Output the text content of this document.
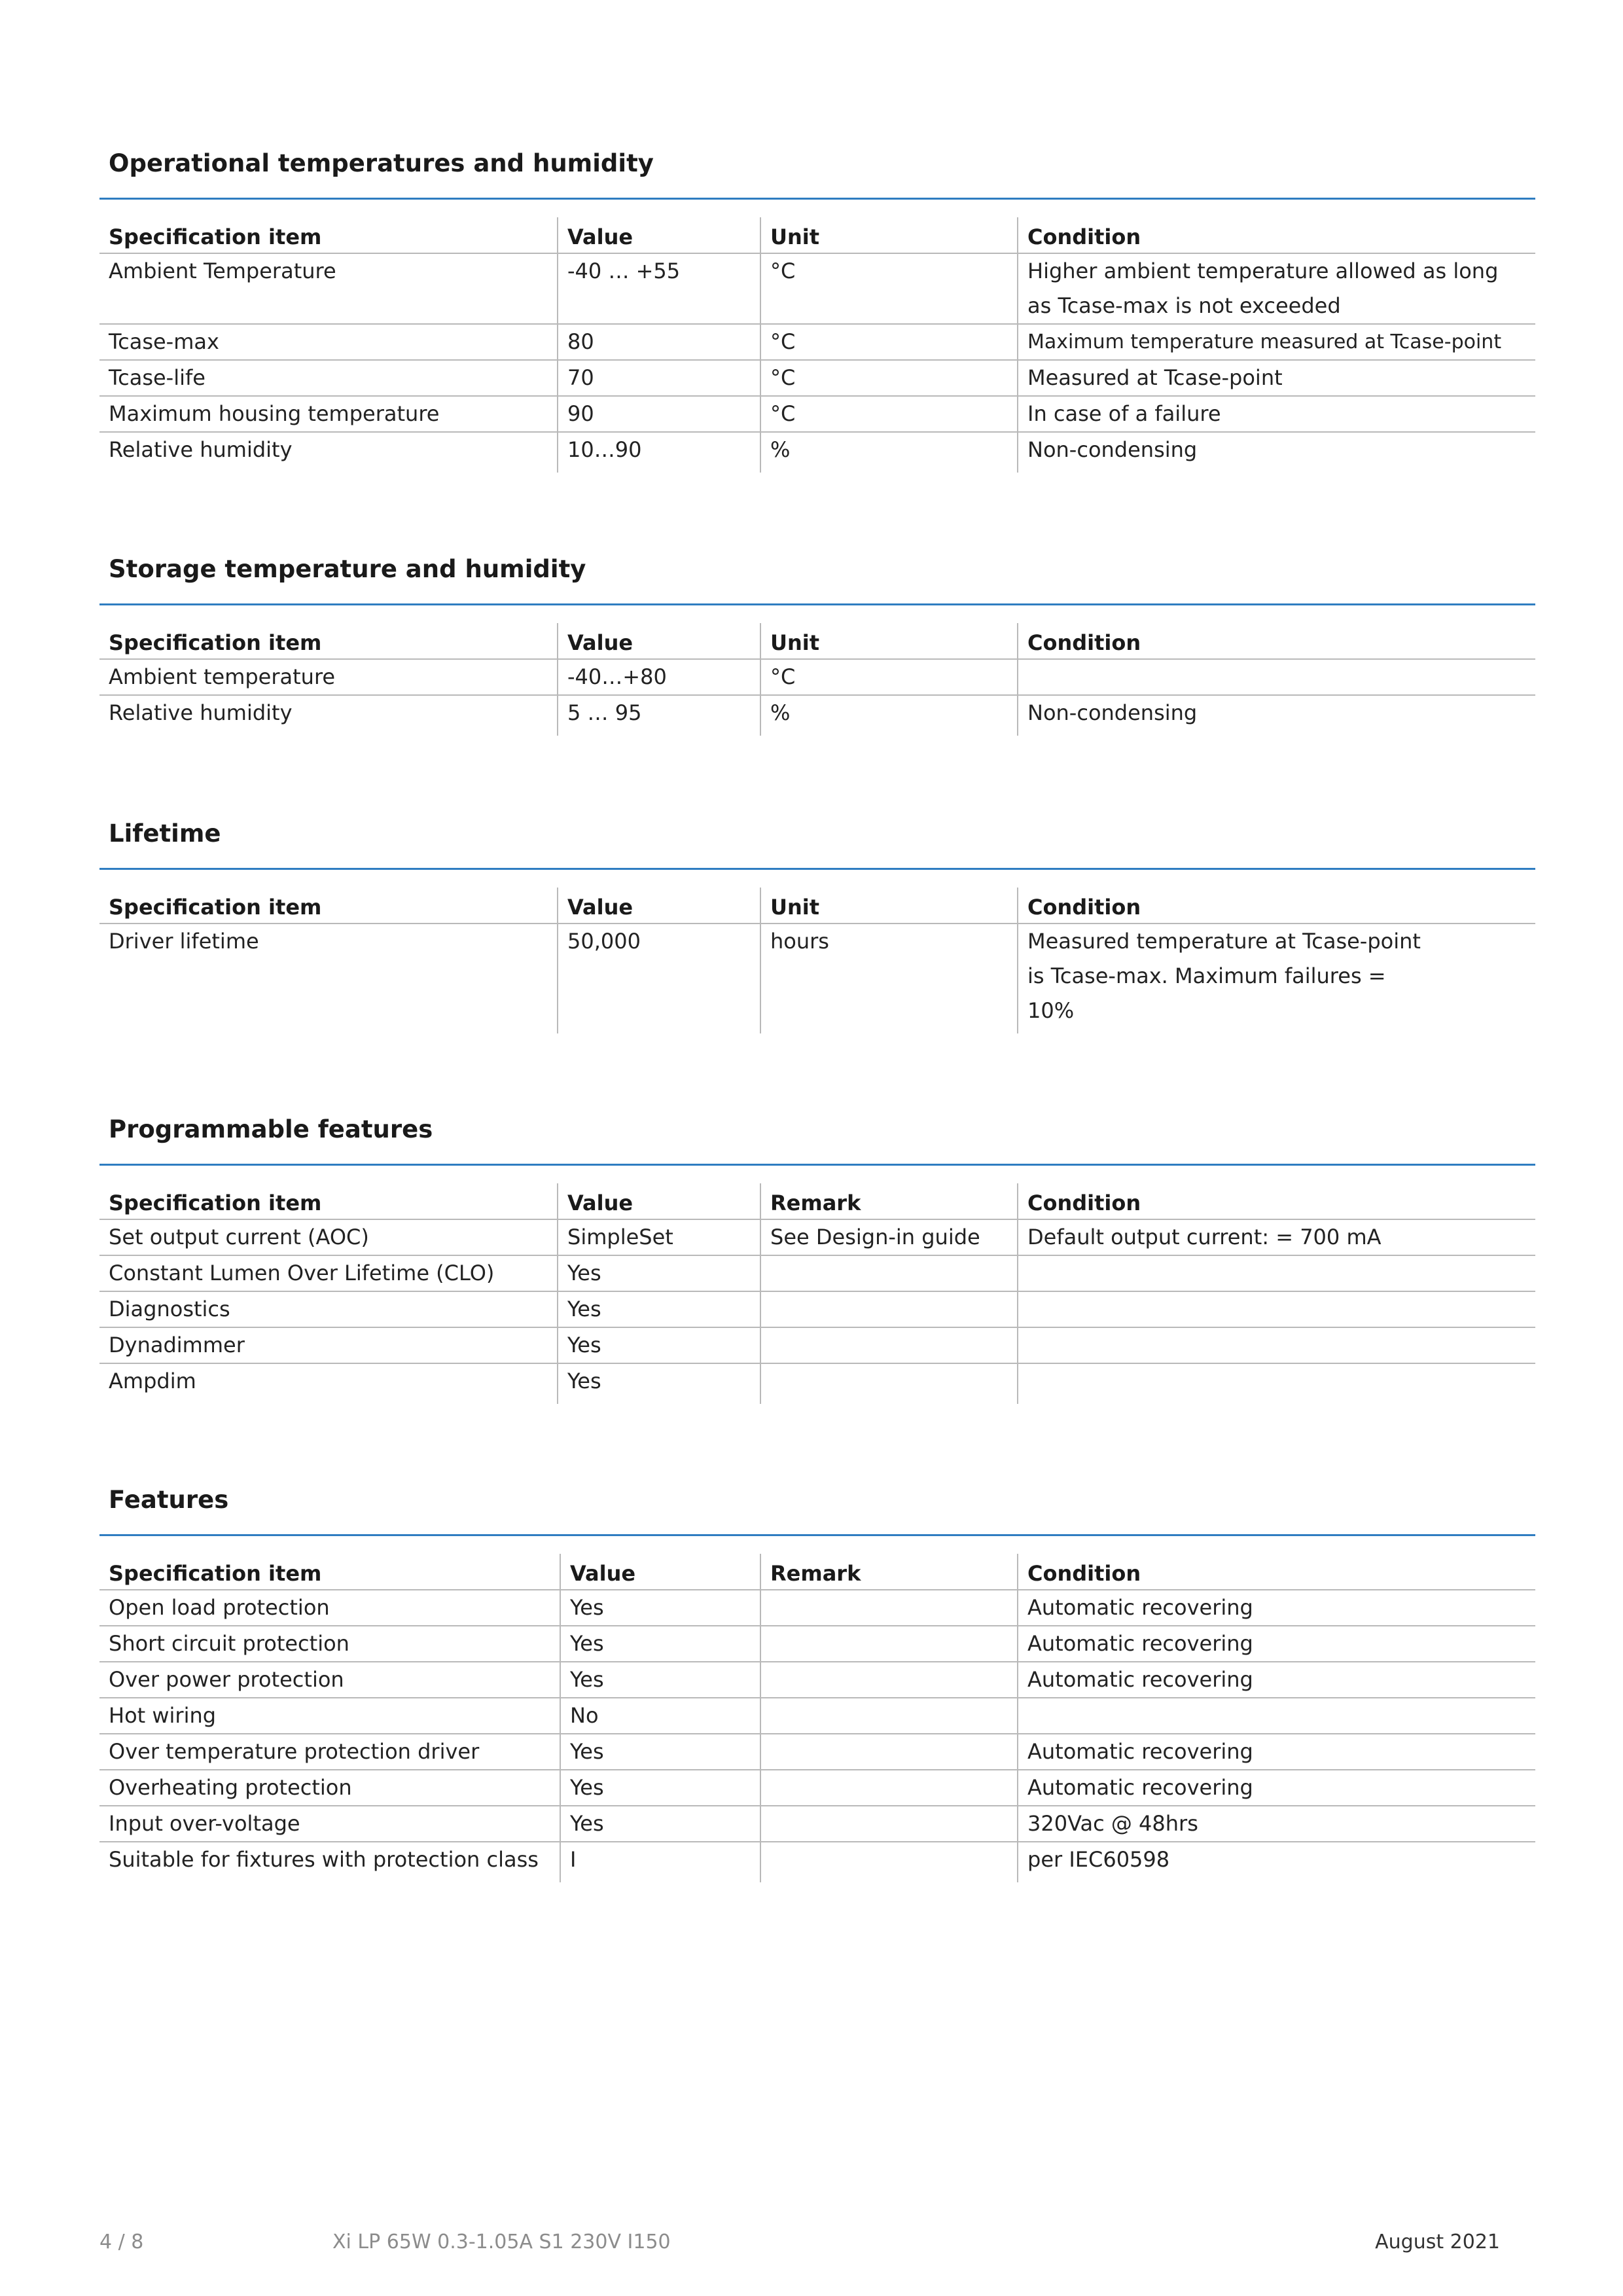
Operational temperatures and humidity
Specification item	Value	Unit	Condition
Ambient Temperature	-40 … +55	°C	Higher ambient temperature allowed as long as Tcase-max is not exceeded
Tcase-max	80	°C	Maximum temperature measured at Tcase-point
Tcase-life	70	°C	Measured at Tcase-point
Maximum housing temperature	90	°C	In case of a failure
Relative humidity	10…90	%	Non-condensing
Storage temperature and humidity
Specification item	Value	Unit	Condition
Ambient temperature	-40…+80	°C	
Relative humidity	5 … 95	%	Non-condensing
Lifetime
Specification item	Value	Unit	Condition
Driver lifetime	50,000	hours	Measured temperature at Tcase-point is Tcase-max. Maximum failures = 10%
Programmable features
Specification item	Value	Remark	Condition
Set output current (AOC)	SimpleSet	See Design-in guide	Default output current: = 700 mA
Constant Lumen Over Lifetime (CLO)	Yes		
Diagnostics	Yes		
Dynadimmer	Yes		
Ampdim	Yes		
Features
Specification item	Value	Remark	Condition
Open load protection	Yes		Automatic recovering
Short circuit protection	Yes		Automatic recovering
Over power protection	Yes		Automatic recovering
Hot wiring	No		
Over temperature protection driver	Yes		Automatic recovering
Overheating protection	Yes		Automatic recovering
Input over-voltage	Yes		320Vac @ 48hrs
Suitable for fixtures with protection class	I		per IEC60598
4 / 8	Xi LP 65W 0.3-1.05A S1 230V I150	August 2021
